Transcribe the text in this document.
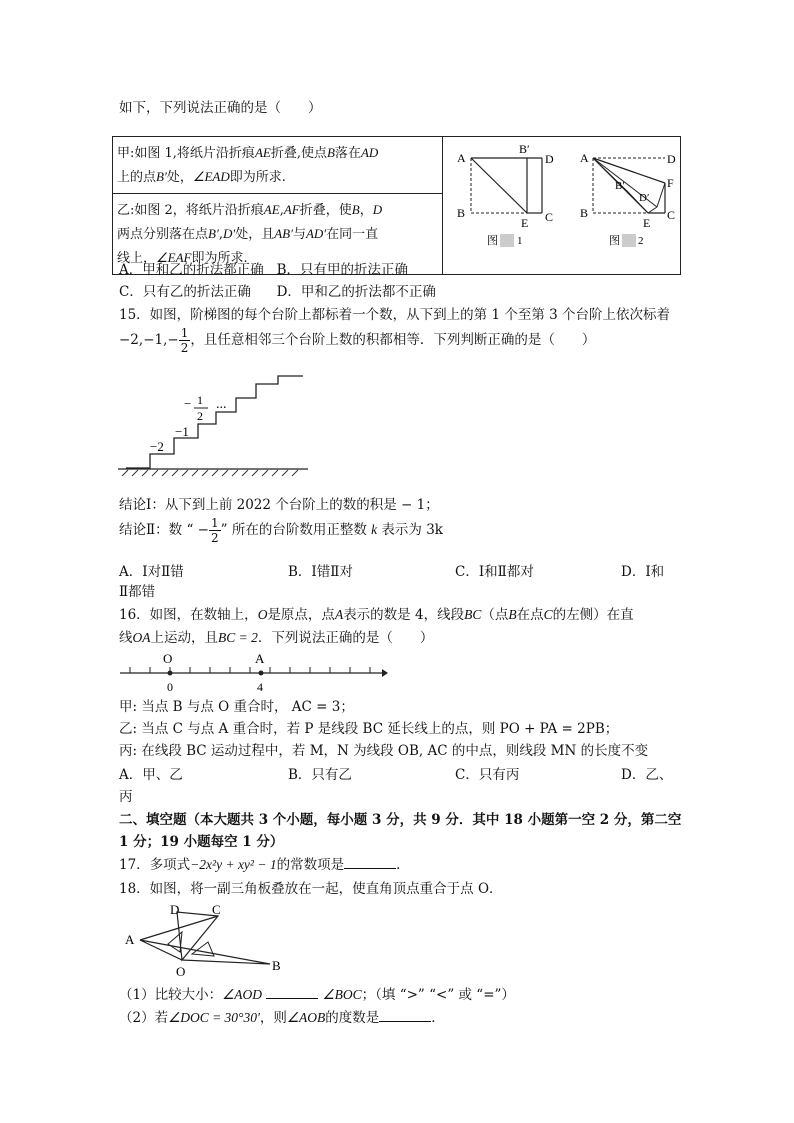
如下，下列说法正确的是（　　）
甲:如图 1,将纸片沿折痕AE折叠,使点B落在AD
上的点B′处，∠EAD即为所求.	
A
B
B′
D
E C
图 1
A
B
B′
D′
D
F
E
C
图 2

乙:如图 2，将纸片沿折痕AE,AF折叠，使B，D
两点分别落在点B′,D′处，且AB′与AD′在同一直
线上，∠EAF即为所求.
A．甲和乙的折法都正确 B．只有甲的折法正确
C．只有乙的折法正确 D．甲和乙的折法都不正确
15．如图，阶梯图的每个台阶上都标着一个数，从下到上的第 1 个至第 3 个台阶上依次标着
$-2,-1,- \frac{1}{2}$ ，且任意相邻三个台阶上数的积都相等．下列判断正确的是（　　）
−2
−1
− 1
2
...
结论Ⅰ：从下到上前 2022 个台阶上的数的积是 − 1；
结论Ⅱ：数 “ − $\frac{1}{2}$ ” 所在的台阶数用正整数 k 表示为 3k
A．Ⅰ对Ⅱ错	B．Ⅰ错Ⅱ对	C．Ⅰ和Ⅱ都对	D．Ⅰ和
Ⅱ都错
16．如图，在数轴上，O是原点，点A表示的数是 4，线段BC（点B在点C的左侧）在直
线OA上运动，且BC = 2．下列说法正确的是（　　）
O	A
0	4
甲: 当点 B 与点 O 重合时， AC = 3；
乙: 当点 C 与点 A 重合时，若 P 是线段 BC 延长线上的点，则 PO + PA = 2PB；
丙: 在线段 BC 运动过程中，若 M，N 为线段 OB, AC 的中点，则线段 MN 的长度不变
A．甲、乙	B．只有乙	C．只有丙	D．乙、
丙
二、填空题（本大题共 3 个小题，每小题 3 分，共 9 分．其中 18 小题第一空 2 分，第二空
1 分；19 小题每空 1 分）
17．多项式−2x²y + xy² − 1的常数项是	．
18．如图，将一副三角板叠放在一起，使直角顶点重合于点 O．
A
B
C
D
O
（1）比较大小：∠AOD	∠BOC；（填 “>” “<” 或 “=”）
（2）若∠DOC = 30°30′，则∠AOB的度数是	．
